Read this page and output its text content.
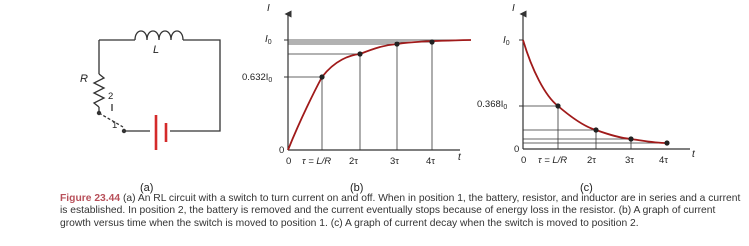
L
R
2
1
(a)
I
t
$I_0$
$0.632I_0$
0
0 τ = L/R 2τ	3τ	4τ
(b)
I
t
$I_0$
$0.368I_0$
0
0 τ = L/R 2τ	3τ	4τ
(c)
Figure 23.44 (a) An RL circuit with a switch to turn current on and off. When in position 1, the battery, resistor, and inductor are in series and a current is established. In position 2, the battery is removed and the current eventually stops because of energy loss in the resistor. (b) A graph of current growth versus time when the switch is moved to position 1. (c) A graph of current decay when the switch is moved to position 2.
